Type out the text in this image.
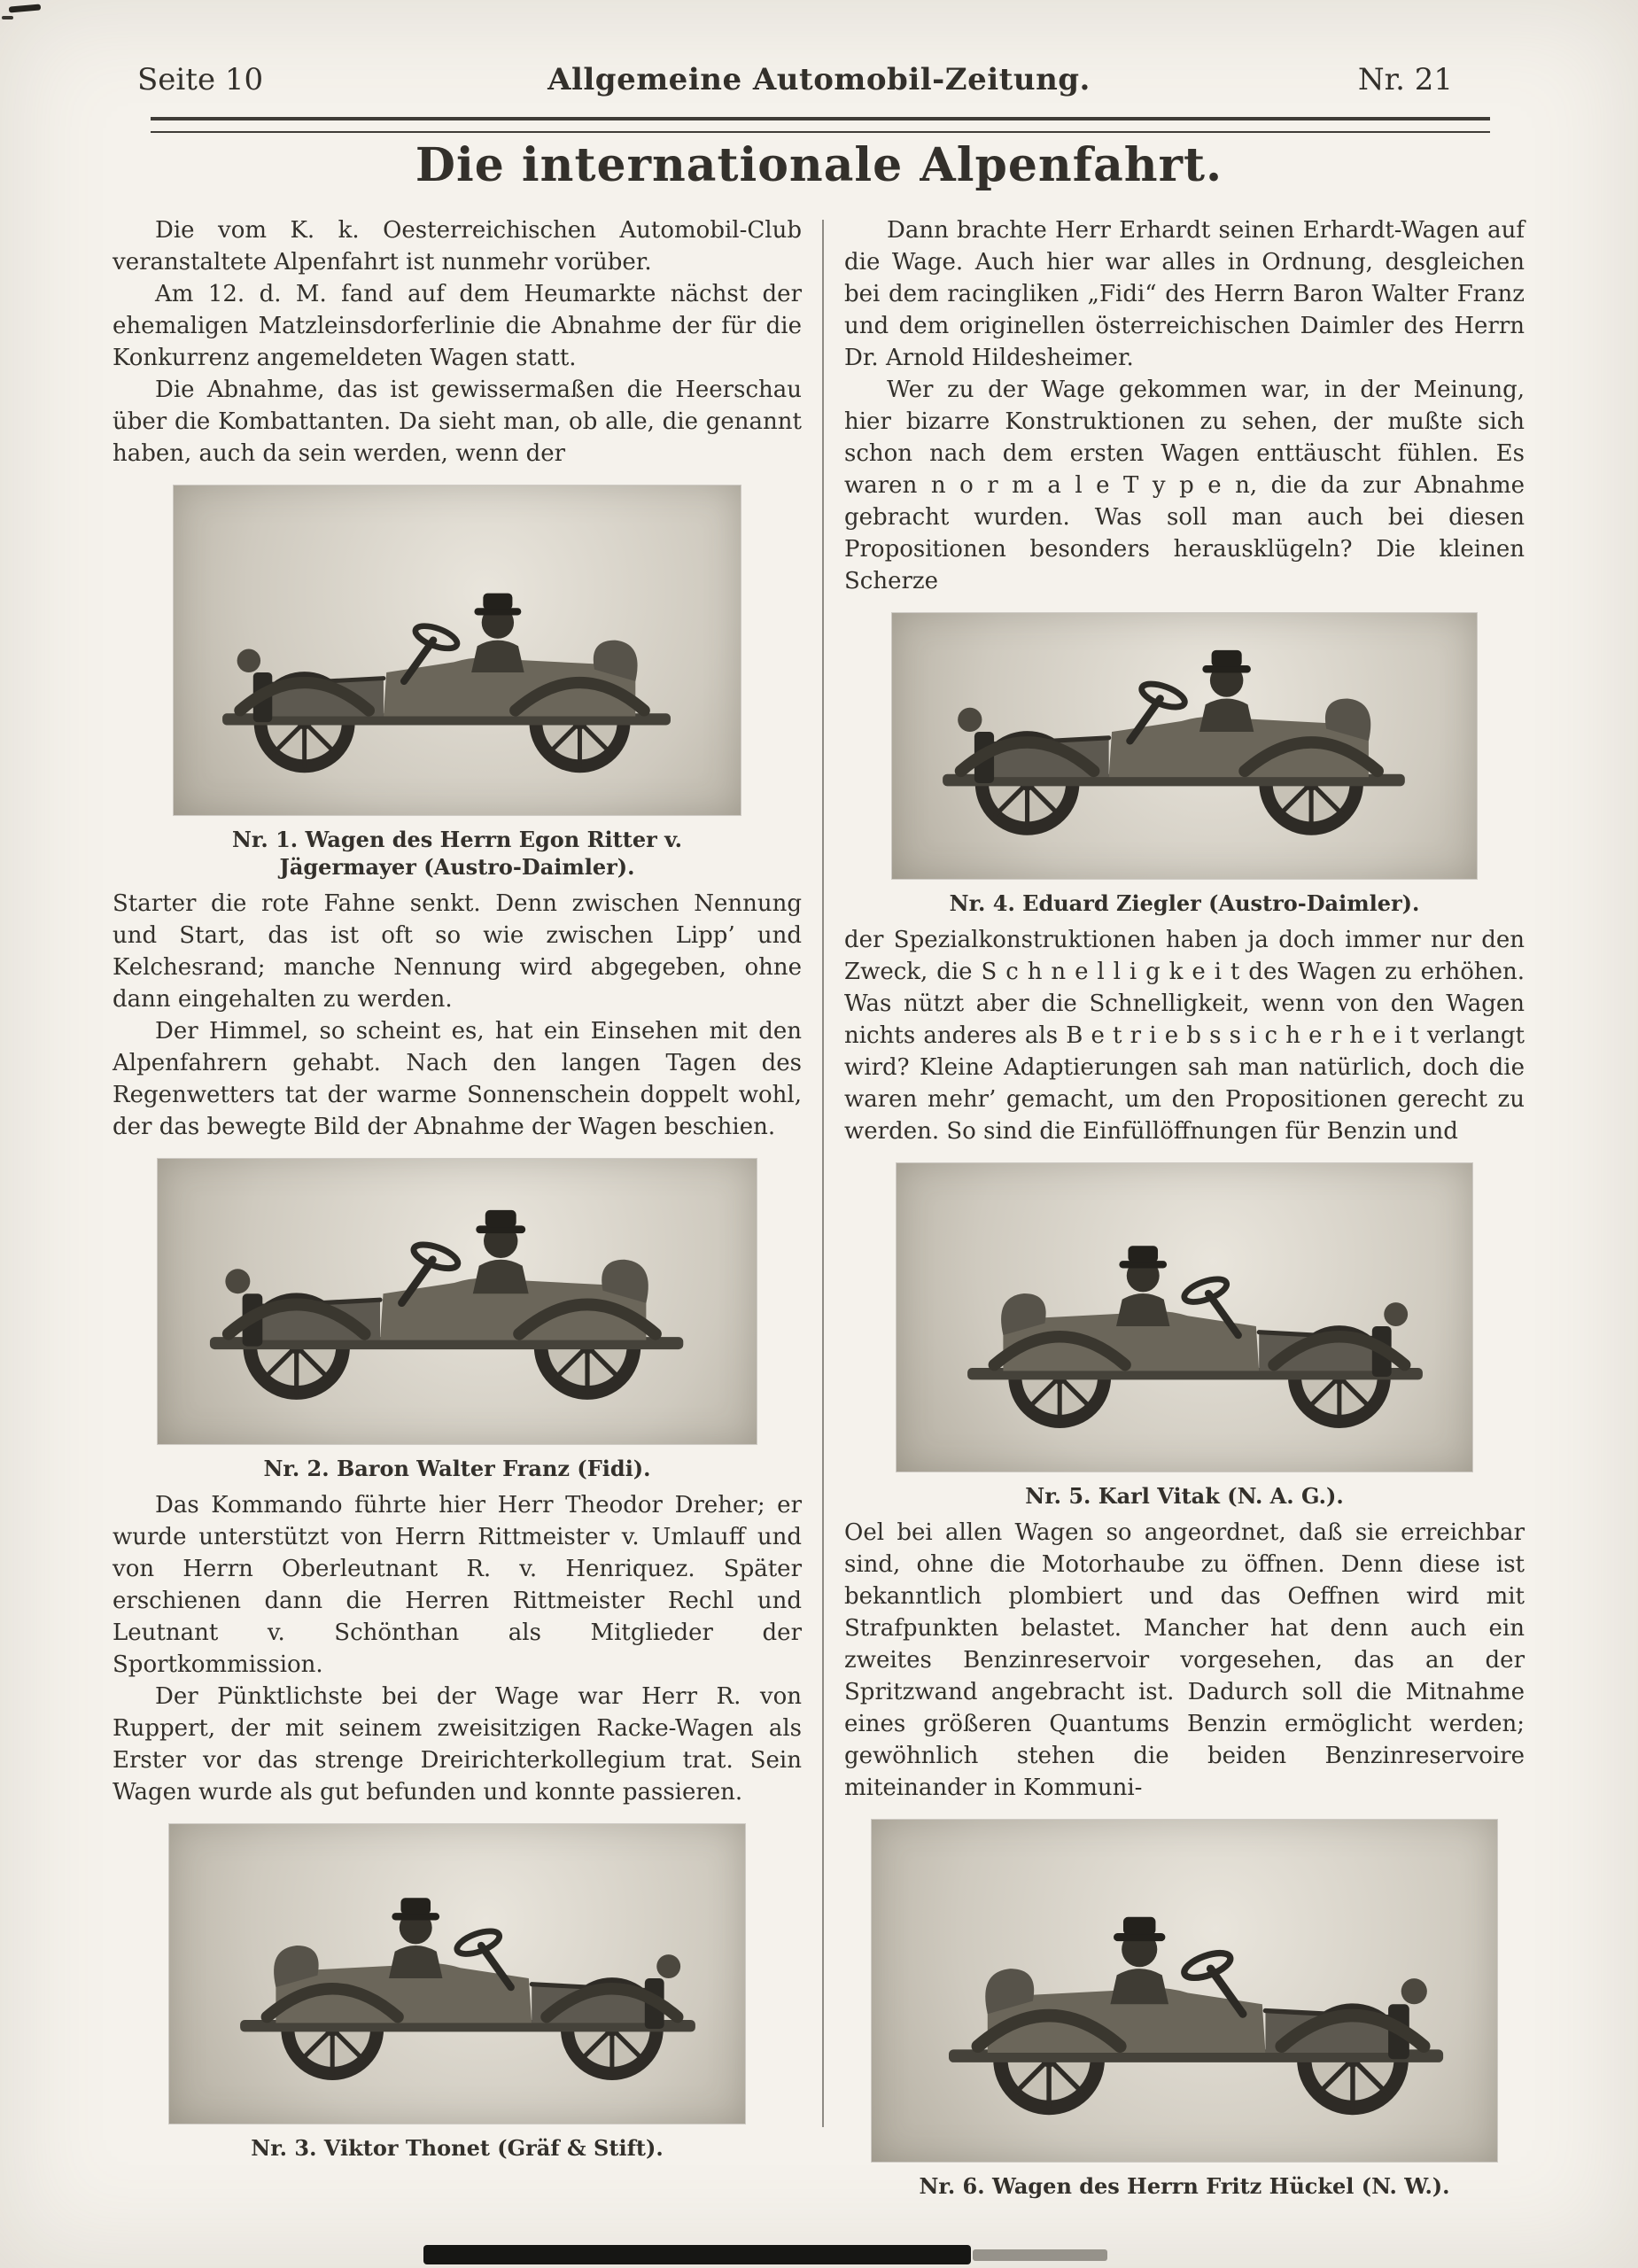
Seite 10	Allgemeine Automobil-Zeitung.	Nr. 21
Die internationale Alpenfahrt.

Die vom K. k. Oesterreichischen Automobil-Club veranstaltete Alpenfahrt ist nunmehr vorüber.

Am 12. d. M. fand auf dem Heumarkte nächst der ehemaligen Matzleinsdorferlinie die Abnahme der für die Konkurrenz angemeldeten Wagen statt.

Die Abnahme, das ist gewissermaßen die Heerschau über die Kombattanten. Da sieht man, ob alle, die genannt haben, auch da sein werden, wenn der

Nr. 1. Wagen des Herrn Egon Ritter v. Jägermayer (Austro-Daimler).

Starter die rote Fahne senkt. Denn zwischen Nennung und Start, das ist oft so wie zwischen Lipp’ und Kelchesrand; manche Nennung wird abgegeben, ohne dann eingehalten zu werden.

Der Himmel, so scheint es, hat ein Einsehen mit den Alpenfahrern gehabt. Nach den langen Tagen des Regenwetters tat der warme Sonnenschein doppelt wohl, der das bewegte Bild der Abnahme der Wagen beschien.

Nr. 2. Baron Walter Franz (Fidi).

Das Kommando führte hier Herr Theodor Dreher; er wurde unterstützt von Herrn Rittmeister v. Umlauff und von Herrn Oberleutnant R. v. Henriquez. Später erschienen dann die Herren Rittmeister Rechl und Leutnant v. Schönthan als Mitglieder der Sportkommission.

Der Pünktlichste bei der Wage war Herr R. von Ruppert, der mit seinem zweisitzigen Racke-Wagen als Erster vor das strenge Dreirichterkollegium trat. Sein Wagen wurde als gut befunden und konnte passieren.

Nr. 3. Viktor Thonet (Gräf & Stift).

Dann brachte Herr Erhardt seinen Erhardt-Wagen auf die Wage. Auch hier war alles in Ordnung, desgleichen bei dem racingliken „Fidi“ des Herrn Baron Walter Franz und dem originellen österreichischen Daimler des Herrn Dr. Arnold Hildesheimer.

Wer zu der Wage gekommen war, in der Meinung, hier bizarre Konstruktionen zu sehen, der mußte sich schon nach dem ersten Wagen enttäuscht fühlen. Es waren n o r m a l e T y p e n, die da zur Abnahme gebracht wurden. Was soll man auch bei diesen Propositionen besonders herausklügeln? Die kleinen Scherze

Nr. 4. Eduard Ziegler (Austro-Daimler).

der Spezialkonstruktionen haben ja doch immer nur den Zweck, die S c h n e l l i g k e i t des Wagen zu erhöhen. Was nützt aber die Schnelligkeit, wenn von den Wagen nichts anderes als B e t r i e b s s i c h e r h e i t verlangt wird? Kleine Adaptierungen sah man natürlich, doch die waren mehr’ gemacht, um den Propositionen gerecht zu werden. So sind die Einfüllöffnungen für Benzin und

Nr. 5. Karl Vitak (N. A. G.).

Oel bei allen Wagen so angeordnet, daß sie erreichbar sind, ohne die Motorhaube zu öffnen. Denn diese ist bekanntlich plombiert und das Oeffnen wird mit Strafpunkten belastet. Mancher hat denn auch ein zweites Benzinreservoir vorgesehen, das an der Spritzwand angebracht ist. Dadurch soll die Mitnahme eines größeren Quantums Benzin ermöglicht werden; gewöhnlich stehen die beiden Benzinreservoire miteinander in Kommuni-

Nr. 6. Wagen des Herrn Fritz Hückel (N. W.).
